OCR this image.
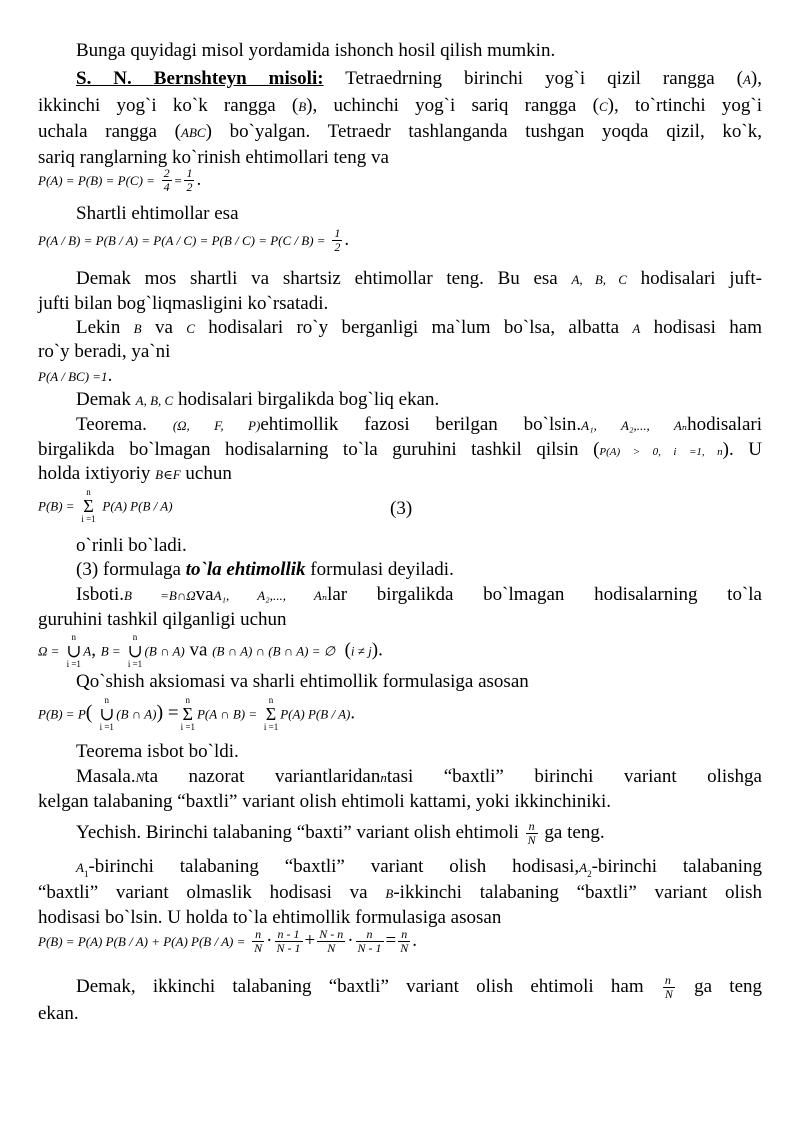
Bunga quyidagi misol yordamida ishonch hosil qilish mumkin.
S. N. Bernshteyn misoli: Tetraedrning birinchi yog`i qizil rangga (A),
ikkinchi yog`i ko`k rangga (B), uchinchi yog`i sariq rangga (C), to`rtinchi yog`i
uchala rangga (ABC) bo`yalgan. Tetraedr tashlanganda tushgan yoqda qizil, ko`k,
sariq ranglarning ko`rinish ehtimollari teng va
$P(A) = P(B) = P(C) = \frac{2}{4} = \frac{1}{2}$ .
Shartli ehtimollar esa
$P(A / B) = P(B / A) = P(A / C) = P(B / C) = P(C / B) = \frac{1}{2}$ .
Demak mos shartli va shartsiz ehtimollar teng. Bu esa A, B, C hodisalari juft-
jufti bilan bog`liqmasligini ko`rsatadi.
Lekin B va C hodisalari ro`y berganligi ma`lum bo`lsa, albatta A hodisasi ham
ro`y beradi, ya`ni
P(A / BC) =1.
Demak A, B, C hodisalari birgalikda bog`liq ekan.
Teorema. (Ω, F, P)ehtimollik fazosi berilgan bo`lsin.A₁, A₂,..., Aₙhodisalari
birgalikda bo`lmagan hodisalarning to`la guruhini tashkil qilsin (P(A) > 0, i =1, n). U
holda ixtiyoriy B∈F uchun
P(B) = n
Σ
i =1 P(A) P(B / A)	(3)
o`rinli bo`ladi.
(3) formulaga to`la ehtimollik formulasi deyiladi.
Isboti.B =B∩ΩvaA₁, A₂,..., Aₙlar birgalikda bo`lmagan hodisalarning to`la
guruhini tashkil qilganligi uchun
Ω = n
∪
i =1A, B = n
∪
i =1(B ∩ A) va (B ∩ A) ∩ (B ∩ A) = ∅  (i ≠ j).
Qo`shish aksiomasi va sharli ehtimollik formulasiga asosan
P(B) = P( n
∪
i =1(B ∩ A)) =n
Σ
i =1P(A ∩ B) = n
Σ
i =1P(A) P(B / A).
Teorema isbot bo`ldi.
Masala.Nta nazorat variantlaridanntasi “baxtli” birinchi variant olishga
kelgan talabaning “baxtli” variant olish ehtimoli kattami, yoki ikkinchiniki.
Yechish. Birinchi talabaning “baxti” variant olish ehtimoli $\frac{n}{N}$ ga teng.
$A_1$-birinchi talabaning “baxtli” variant olish $hodisasi,A_2$-birinchi talabaning
“baxtli” variant olmaslik hodisasi va B-ikkinchi talabaning “baxtli” variant olish
hodisasi bo`lsin. U holda to`la ehtimollik formulasiga asosan
P(B) = P(A) P(B / A) + P(A) $P(B / A) = \frac{n}{N} \cdot \frac{n - 1}{N - 1} + \frac{N - n}{N} \cdot \frac{n}{N - 1} = \frac{n}{N}$ .
Demak, ikkinchi talabaning “baxtli” variant olish ehtimoli ham $\frac{n}{N}$ ga teng
ekan.
